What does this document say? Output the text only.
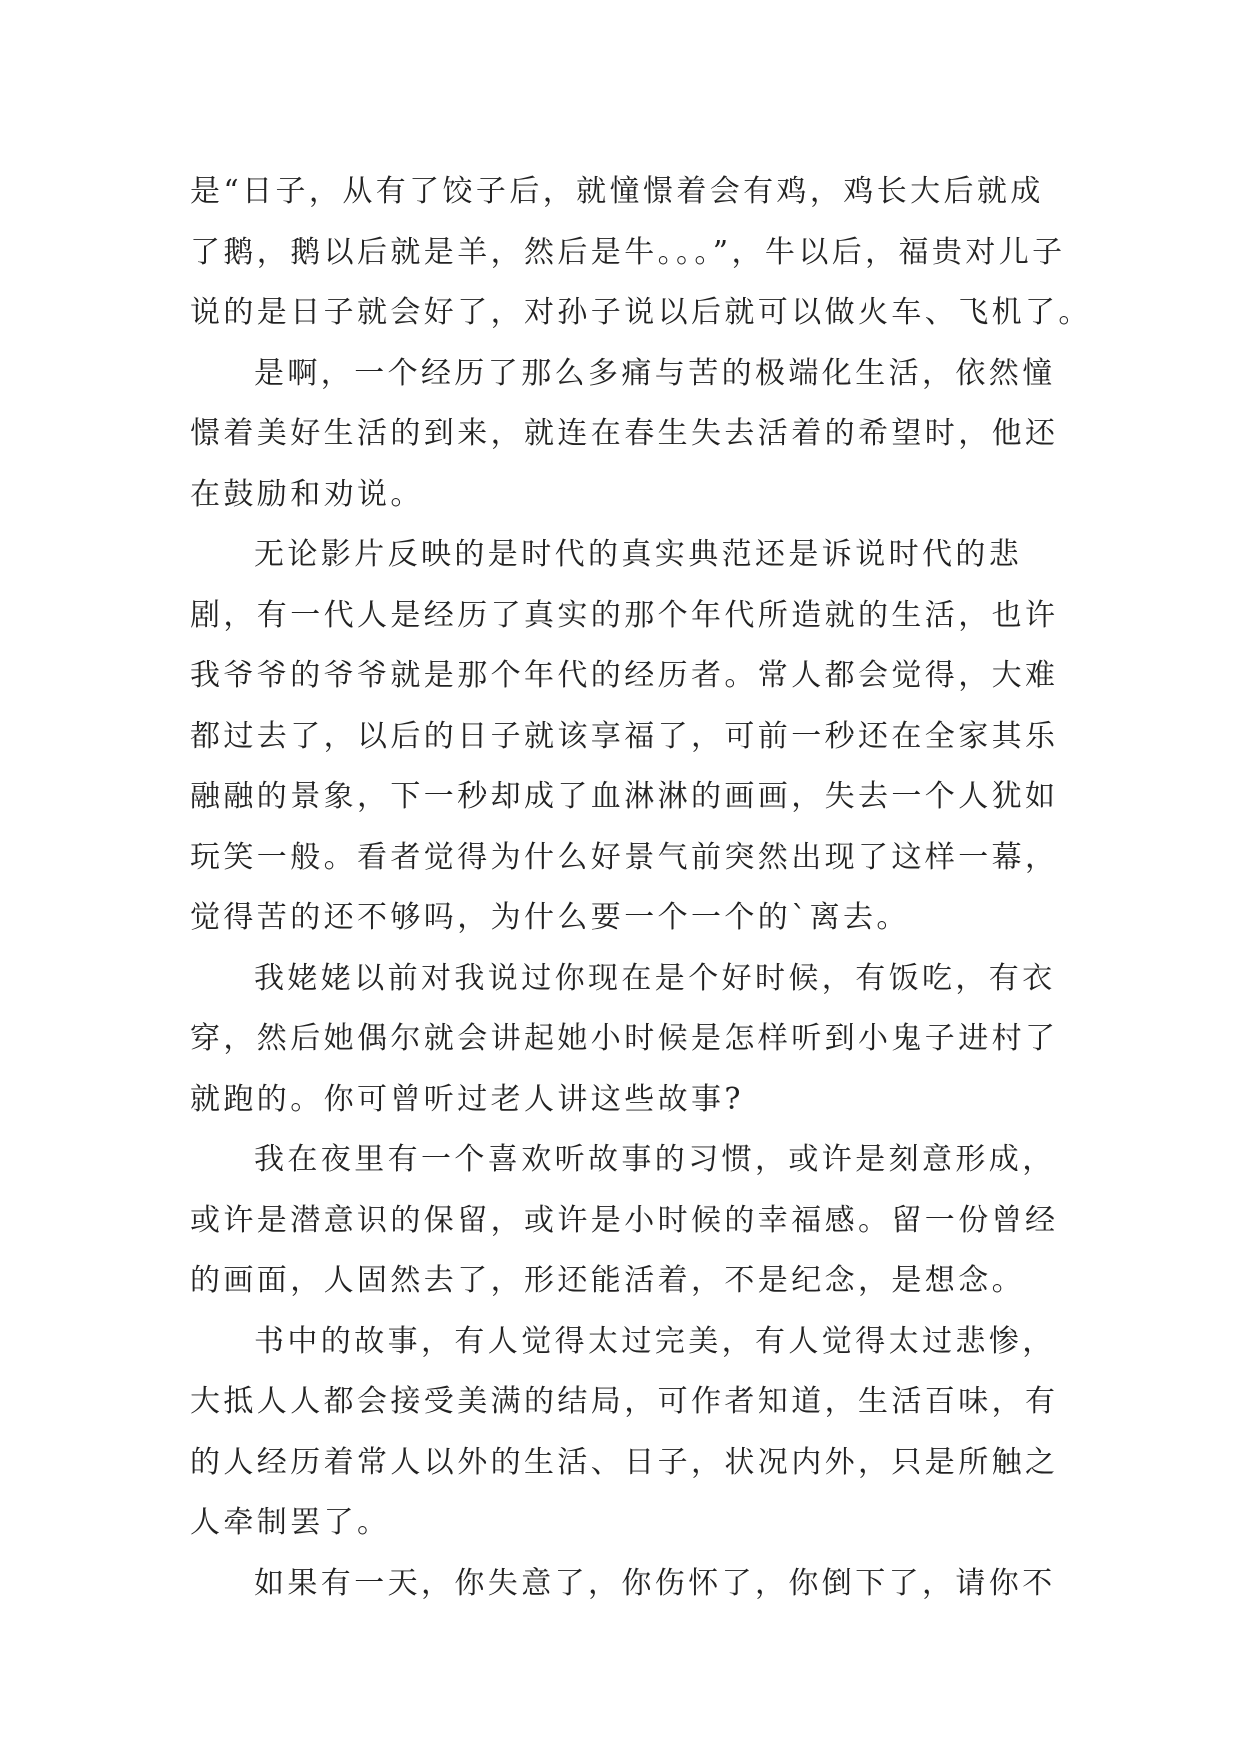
是“日子，从有了饺子后，就憧憬着会有鸡，鸡长大后就成
了鹅，鹅以后就是羊，然后是牛。。。”，牛以后，福贵对儿子
说的是日子就会好了，对孙子说以后就可以做火车、飞机了。
是啊，一个经历了那么多痛与苦的极端化生活，依然憧
憬着美好生活的到来，就连在春生失去活着的希望时，他还
在鼓励和劝说。
无论影片反映的是时代的真实典范还是诉说时代的悲
剧，有一代人是经历了真实的那个年代所造就的生活，也许
我爷爷的爷爷就是那个年代的经历者。常人都会觉得，大难
都过去了，以后的日子就该享福了，可前一秒还在全家其乐
融融的景象，下一秒却成了血淋淋的画画，失去一个人犹如
玩笑一般。看者觉得为什么好景气前突然出现了这样一幕，
觉得苦的还不够吗，为什么要一个一个的`离去。
我姥姥以前对我说过你现在是个好时候，有饭吃，有衣
穿，然后她偶尔就会讲起她小时候是怎样听到小鬼子进村了
就跑的。你可曾听过老人讲这些故事?
我在夜里有一个喜欢听故事的习惯，或许是刻意形成，
或许是潜意识的保留，或许是小时候的幸福感。留一份曾经
的画面，人固然去了，形还能活着，不是纪念，是想念。
书中的故事，有人觉得太过完美，有人觉得太过悲惨，
大抵人人都会接受美满的结局，可作者知道，生活百味，有
的人经历着常人以外的生活、日子，状况内外，只是所触之
人牵制罢了。
如果有一天，你失意了，你伤怀了，你倒下了，请你不
